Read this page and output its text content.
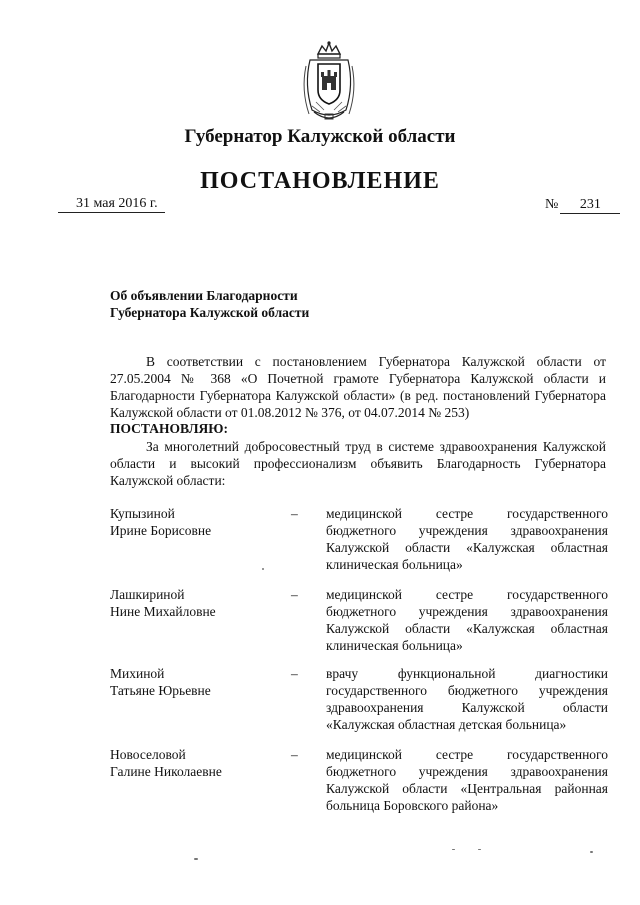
Губернатор Калужской области
ПОСТАНОВЛЕНИЕ
31 мая 2016 г.	№ 231
Об объявлении Благодарности
Губернатора Калужской области
В соответствии с постановлением Губернатора Калужской области от 27.05.2004 № 368 «О Почетной грамоте Губернатора Калужской области и Благодарности Губернатора Калужской области» (в ред. постановлений Губернатора Калужской области от 01.08.2012 № 376, от 04.07.2014 № 253)
ПОСТАНОВЛЯЮ:
За многолетний добросовестный труд в системе здравоохранения Калужской области и высокий профессионализм объявить Благодарность Губернатора Калужской области:
Купызиной
Ирине Борисовне
– медицинской сестре государственного бюджетного учреждения здравоохранения Калужской области «Калужская областная клиническая больница»
Лашкириной
Нине Михайловне
– медицинской сестре государственного бюджетного учреждения здравоохранения Калужской области «Калужская областная клиническая больница»
Михиной
Татьяне Юрьевне
– врачу функциональной диагностики государственного бюджетного учреждения здравоохранения Калужской области «Калужская областная детская больница»
Новоселовой
Галине Николаевне
– медицинской сестре государственного бюджетного учреждения здравоохранения Калужской области «Центральная районная больница Боровского района»
